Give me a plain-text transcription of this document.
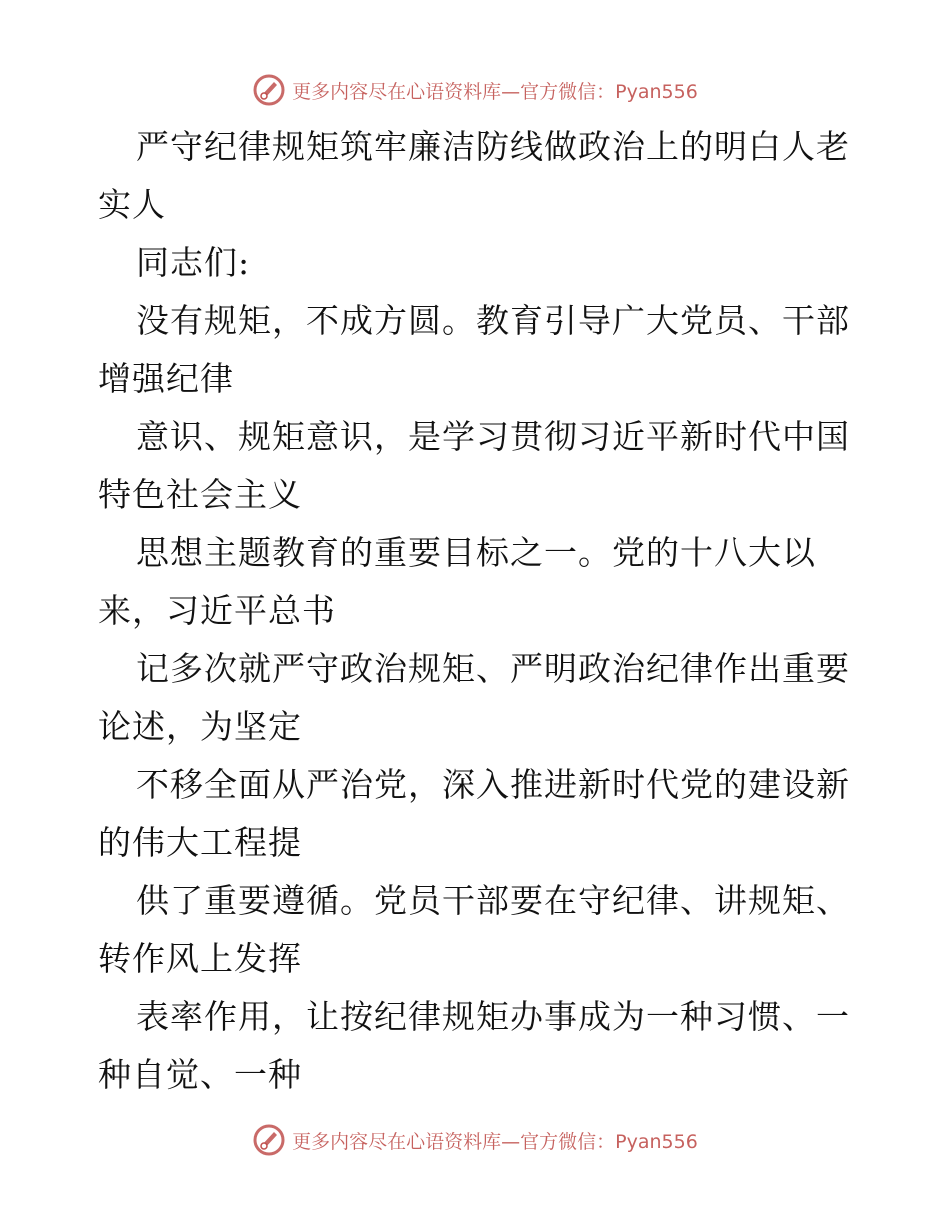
更多内容尽在心语资料库—官方微信：Pyan556

严守纪律规矩筑牢廉洁防线做政治上的明白人老
实人

同志们:

没有规矩，不成方圆。教育引导广大党员、干部
增强纪律

意识、规矩意识，是学习贯彻习近平新时代中国
特色社会主义

思想主题教育的重要目标之一。党的十八大以
来，习近平总书

记多次就严守政治规矩、严明政治纪律作出重要
论述，为坚定

不移全面从严治党，深入推进新时代党的建设新
的伟大工程提

供了重要遵循。党员干部要在守纪律、讲规矩、
转作风上发挥

表率作用，让按纪律规矩办事成为一种习惯、一
种自觉、一种

更多内容尽在心语资料库—官方微信：Pyan556
